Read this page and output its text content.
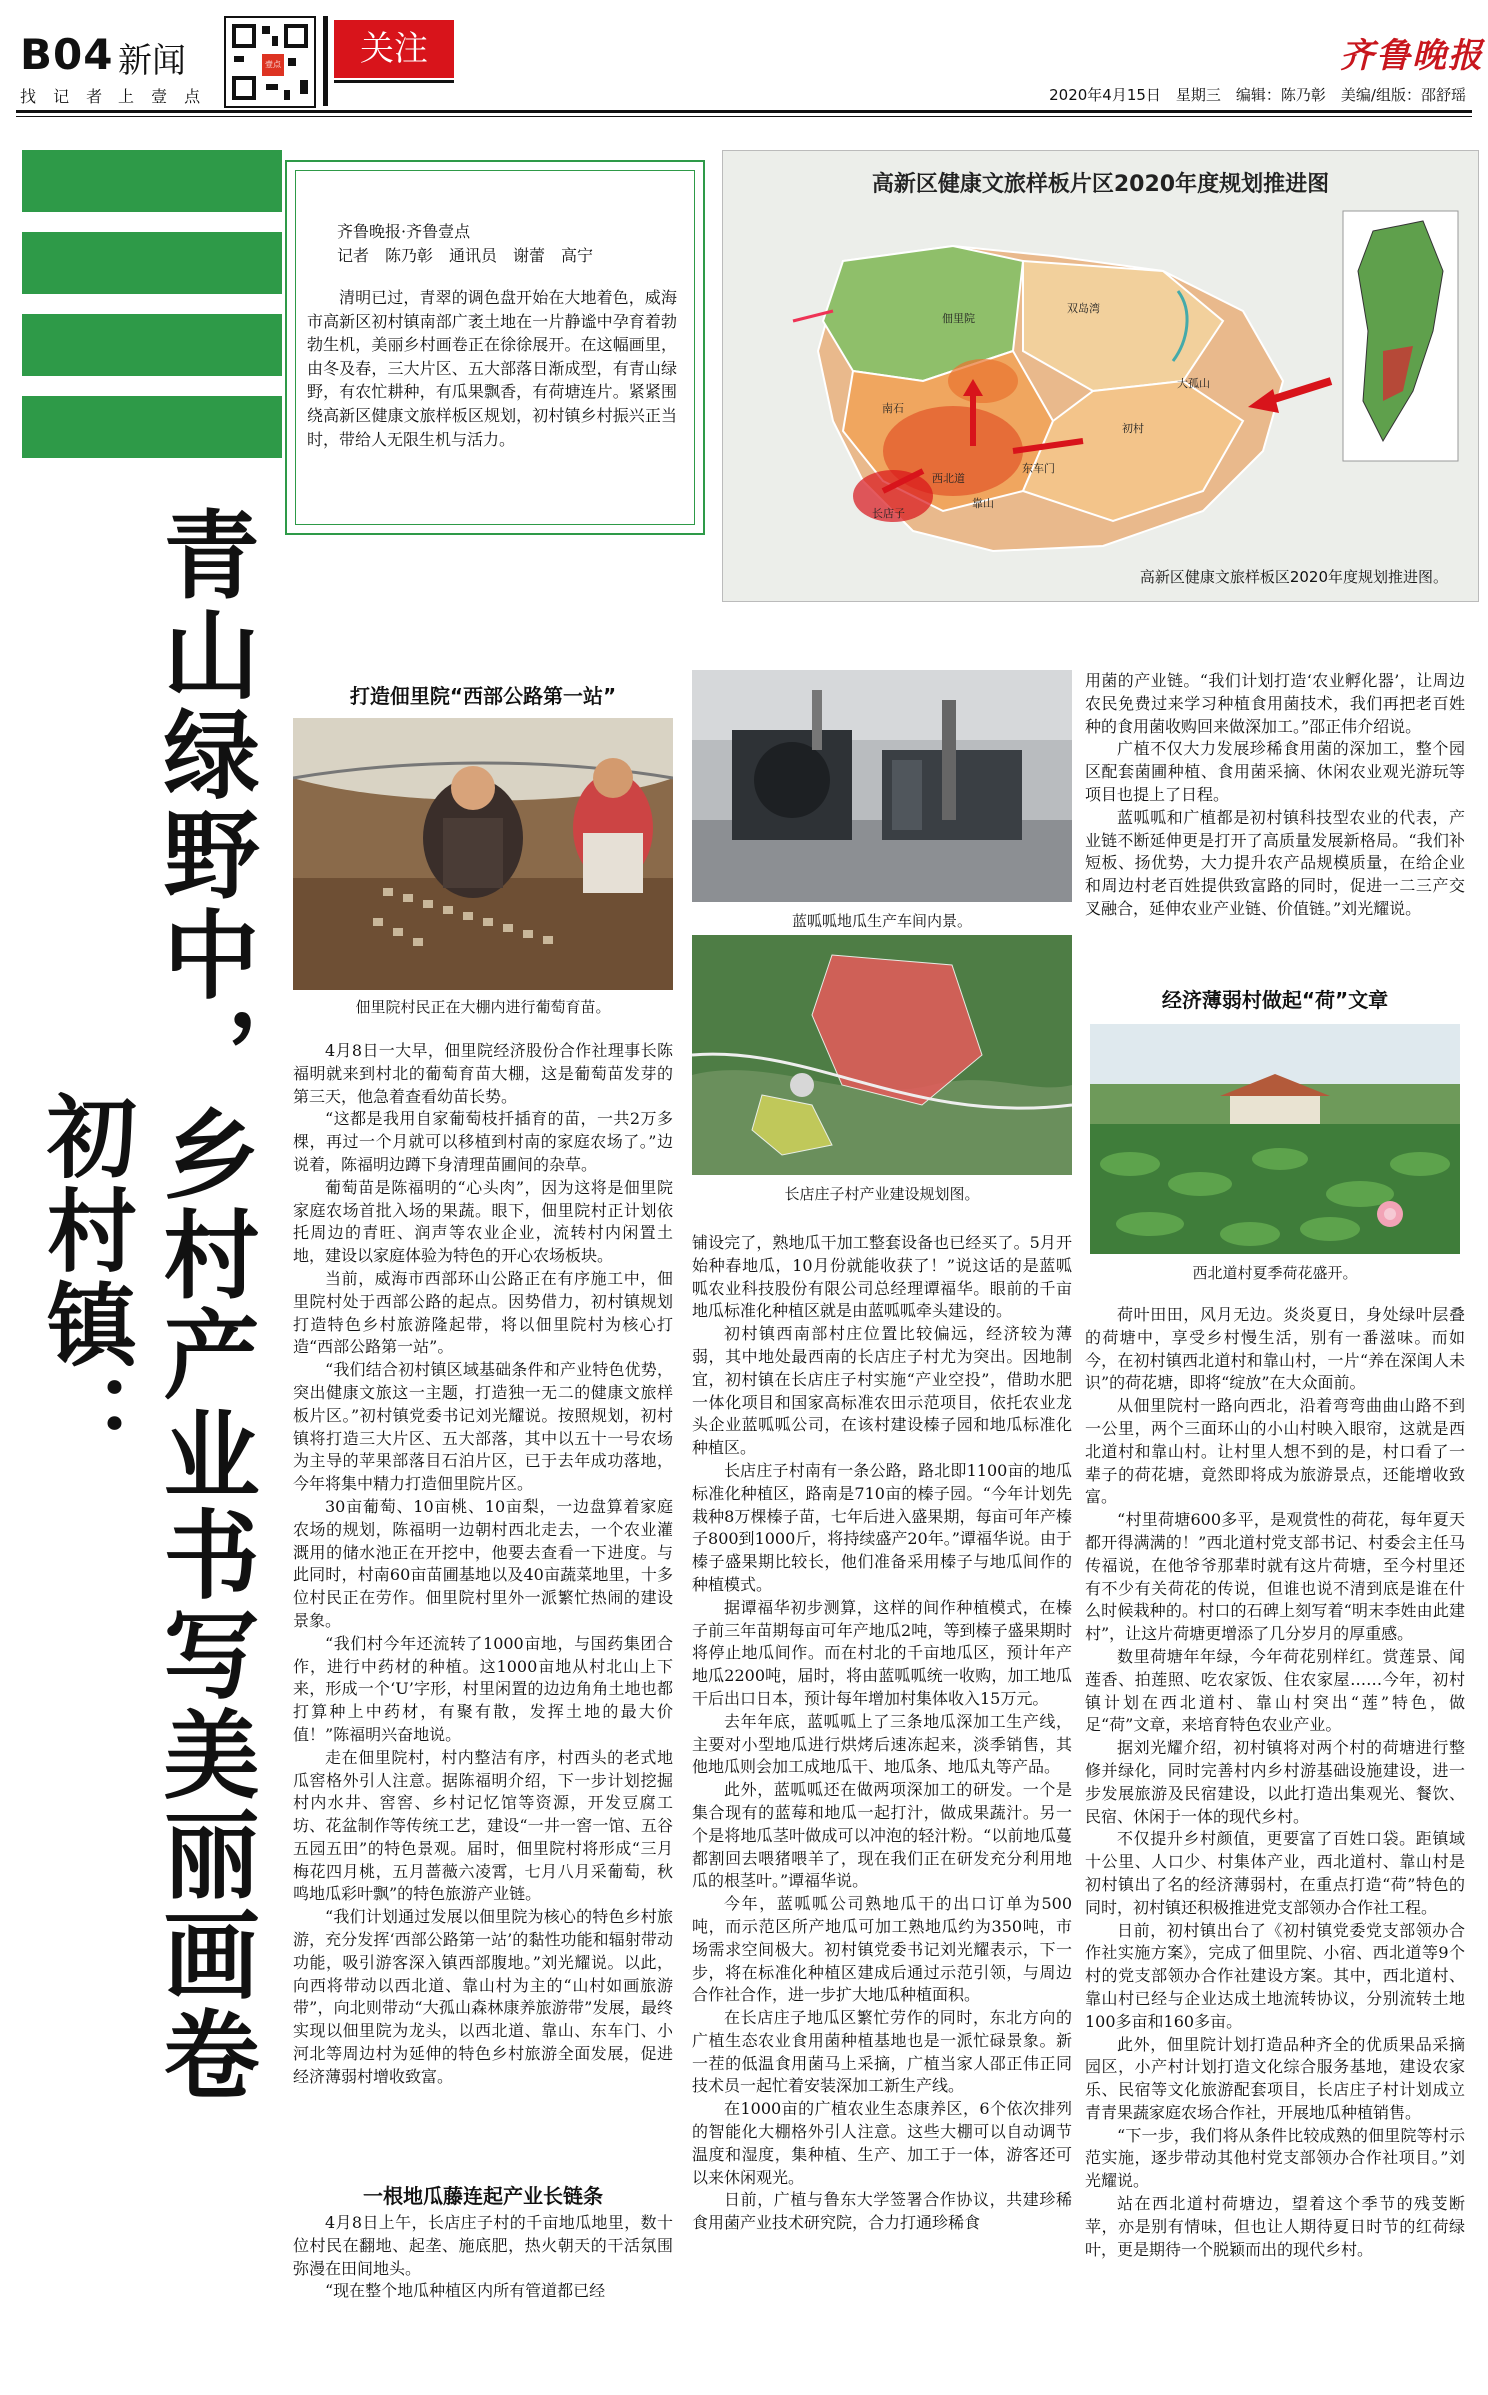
B04
找 记 者
新闻
上 壹 点
壹点	关注	齐鲁晚报
2020年4月15日　星期三　编辑：陈乃彰　美编/组版：邵舒瑶
青山绿野中，乡村产业书写美丽画卷
初村镇：
齐鲁晚报·齐鲁壹点
记者　陈乃彰　通讯员　谢蕾　高宁
清明已过，青翠的调色盘开始在大地着色，威海市高新区初村镇南部广袤土地在一片静谧中孕育着勃勃生机，美丽乡村画卷正在徐徐展开。在这幅画里，由冬及春，三大片区、五大部落日渐成型，有青山绿野，有农忙耕种，有瓜果飘香，有荷塘连片。紧紧围绕高新区健康文旅样板区规划，初村镇乡村振兴正当时，带给人无限生机与活力。
高新区健康文旅样板片区2020年度规划推进图
高新区健康文旅样板区2020年度规划推进图。
佃里院
南石
双岛湾
初村
长店子
西北道
靠山
东车门
大孤山
打造佃里院“西部公路第一站”
佃里院村民正在大棚内进行葡萄育苗。

4月8日一大早，佃里院经济股份合作社理事长陈福明就来到村北的葡萄育苗大棚，这是葡萄苗发芽的第三天，他急着查看幼苗长势。

“这都是我用自家葡萄枝扦插育的苗，一共2万多棵，再过一个月就可以移植到村南的家庭农场了。”边说着，陈福明边蹲下身清理苗圃间的杂草。

葡萄苗是陈福明的“心头肉”，因为这将是佃里院家庭农场首批入场的果蔬。眼下，佃里院村正计划依托周边的青旺、润声等农业企业，流转村内闲置土地，建设以家庭体验为特色的开心农场板块。

当前，威海市西部环山公路正在有序施工中，佃里院村处于西部公路的起点。因势借力，初村镇规划打造特色乡村旅游隆起带，将以佃里院村为核心打造“西部公路第一站”。

“我们结合初村镇区域基础条件和产业特色优势，突出健康文旅这一主题，打造独一无二的健康文旅样板片区。”初村镇党委书记刘光耀说。按照规划，初村镇将打造三大片区、五大部落，其中以五十一号农场为主导的苹果部落目石泊片区，已于去年成功落地，今年将集中精力打造佃里院片区。

30亩葡萄、10亩桃、10亩梨，一边盘算着家庭农场的规划，陈福明一边朝村西北走去，一个农业灌溉用的储水池正在开挖中，他要去查看一下进度。与此同时，村南60亩苗圃基地以及40亩蔬菜地里，十多位村民正在劳作。佃里院村里外一派繁忙热闹的建设景象。

“我们村今年还流转了1000亩地，与国药集团合作，进行中药材的种植。这1000亩地从村北山上下来，形成一个‘U’字形，村里闲置的边边角角土地也都打算种上中药材，有聚有散，发挥土地的最大价值！”陈福明兴奋地说。

走在佃里院村，村内整洁有序，村西头的老式地瓜窖格外引人注意。据陈福明介绍，下一步计划挖掘村内水井、窖窖、乡村记忆馆等资源，开发豆腐工坊、花盆制作等传统工艺，建设“一井一窖一馆、五谷五园五田”的特色景观。届时，佃里院村将形成“三月梅花四月桃，五月蔷薇六凌霄，七月八月采葡萄，秋鸣地瓜彩叶飘”的特色旅游产业链。

“我们计划通过发展以佃里院为核心的特色乡村旅游，充分发挥‘西部公路第一站’的黏性功能和辐射带动功能，吸引游客深入镇西部腹地。”刘光耀说。以此，向西将带动以西北道、靠山村为主的“山村如画旅游带”，向北则带动“大孤山森林康养旅游带”发展，最终实现以佃里院为龙头，以西北道、靠山、东车门、小河北等周边村为延伸的特色乡村旅游全面发展，促进经济薄弱村增收致富。

一根地瓜藤连起产业长链条

4月8日上午，长店庄子村的千亩地瓜地里，数十位村民在翻地、起垄、施底肥，热火朝天的干活氛围弥漫在田间地头。

“现在整个地瓜种植区内所有管道都已经

蓝呱呱地瓜生产车间内景。
长店庄子村产业建设规划图。

铺设完了，熟地瓜干加工整套设备也已经买了。5月开始种春地瓜，10月份就能收获了！”说这话的是蓝呱呱农业科技股份有限公司总经理谭福华。眼前的千亩地瓜标准化种植区就是由蓝呱呱牵头建设的。

初村镇西南部村庄位置比较偏远，经济较为薄弱，其中地处最西南的长店庄子村尤为突出。因地制宜，初村镇在长店庄子村实施“产业空投”，借助水肥一体化项目和国家高标准农田示范项目，依托农业龙头企业蓝呱呱公司，在该村建设榛子园和地瓜标准化种植区。

长店庄子村南有一条公路，路北即1100亩的地瓜标准化种植区，路南是710亩的榛子园。“今年计划先栽种8万棵榛子苗，七年后进入盛果期，每亩可年产榛子800到1000斤，将持续盛产20年。”谭福华说。由于榛子盛果期比较长，他们准备采用榛子与地瓜间作的种植模式。

据谭福华初步测算，这样的间作种植模式，在榛子前三年苗期每亩可年产地瓜2吨，等到榛子盛果期时将停止地瓜间作。而在村北的千亩地瓜区，预计年产地瓜2200吨，届时，将由蓝呱呱统一收购，加工地瓜干后出口日本，预计每年增加村集体收入15万元。

去年年底，蓝呱呱上了三条地瓜深加工生产线，主要对小型地瓜进行烘烤后速冻起来，淡季销售，其他地瓜则会加工成地瓜干、地瓜条、地瓜丸等产品。

此外，蓝呱呱还在做两项深加工的研发。一个是集合现有的蓝莓和地瓜一起打汁，做成果蔬汁。另一个是将地瓜茎叶做成可以冲泡的轻汁粉。“以前地瓜蔓都割回去喂猪喂羊了，现在我们正在研发充分利用地瓜的根茎叶。”谭福华说。

今年，蓝呱呱公司熟地瓜干的出口订单为500吨，而示范区所产地瓜可加工熟地瓜约为350吨，市场需求空间极大。初村镇党委书记刘光耀表示，下一步，将在标准化种植区建成后通过示范引领，与周边合作社合作，进一步扩大地瓜种植面积。

在长店庄子地瓜区繁忙劳作的同时，东北方向的广植生态农业食用菌种植基地也是一派忙碌景象。新一茬的低温食用菌马上采摘，广植当家人邵正伟正同技术员一起忙着安装深加工新生产线。

在1000亩的广植农业生态康养区，6个依次排列的智能化大棚格外引人注意。这些大棚可以自动调节温度和湿度，集种植、生产、加工于一体，游客还可以来休闲观光。

日前，广植与鲁东大学签署合作协议，共建珍稀食用菌产业技术研究院，合力打通珍稀食

用菌的产业链。“我们计划打造‘农业孵化器’，让周边农民免费过来学习种植食用菌技术，我们再把老百姓种的食用菌收购回来做深加工。”邵正伟介绍说。

广植不仅大力发展珍稀食用菌的深加工，整个园区配套菌圃种植、食用菌采摘、休闲农业观光游玩等项目也提上了日程。

蓝呱呱和广植都是初村镇科技型农业的代表，产业链不断延伸更是打开了高质量发展新格局。“我们补短板、扬优势，大力提升农产品规模质量，在给企业和周边村老百姓提供致富路的同时，促进一二三产交叉融合，延伸农业产业链、价值链。”刘光耀说。

经济薄弱村做起“荷”文章
西北道村夏季荷花盛开。

荷叶田田，风月无边。炎炎夏日，身处绿叶层叠的荷塘中，享受乡村慢生活，别有一番滋味。而如今，在初村镇西北道村和靠山村，一片“养在深闺人未识”的荷花塘，即将“绽放”在大众面前。

从佃里院村一路向西北，沿着弯弯曲曲山路不到一公里，两个三面环山的小山村映入眼帘，这就是西北道村和靠山村。让村里人想不到的是，村口看了一辈子的荷花塘，竟然即将成为旅游景点，还能增收致富。

“村里荷塘600多平，是观赏性的荷花，每年夏天都开得满满的！”西北道村党支部书记、村委会主任马传福说，在他爷爷那辈时就有这片荷塘，至今村里还有不少有关荷花的传说，但谁也说不清到底是谁在什么时候栽种的。村口的石碑上刻写着“明末李姓由此建村”，让这片荷塘更增添了几分岁月的厚重感。

数里荷塘年年绿，今年荷花别样红。赏莲景、闻莲香、拍莲照、吃农家饭、住农家屋……今年，初村镇计划在西北道村、靠山村突出“莲”特色，做足“荷”文章，来培育特色农业产业。

据刘光耀介绍，初村镇将对两个村的荷塘进行整修并绿化，同时完善村内乡村游基础设施建设，进一步发展旅游及民宿建设，以此打造出集观光、餐饮、民宿、休闲于一体的现代乡村。

不仅提升乡村颜值，更要富了百姓口袋。距镇域十公里、人口少、村集体产业，西北道村、靠山村是初村镇出了名的经济薄弱村，在重点打造“荷”特色的同时，初村镇还积极推进党支部领办合作社工程。

日前，初村镇出台了《初村镇党委党支部领办合作社实施方案》，完成了佃里院、小宿、西北道等9个村的党支部领办合作社建设方案。其中，西北道村、靠山村已经与企业达成土地流转协议，分别流转土地100多亩和160多亩。

此外，佃里院计划打造品种齐全的优质果品采摘园区，小产村计划打造文化综合服务基地，建设农家乐、民宿等文化旅游配套项目，长店庄子村计划成立青青果蔬家庭农场合作社，开展地瓜种植销售。

“下一步，我们将从条件比较成熟的佃里院等村示范实施，逐步带动其他村党支部领办合作社项目。”刘光耀说。

站在西北道村荷塘边，望着这个季节的残芰断苹，亦是别有情味，但也让人期待夏日时节的红荷绿叶，更是期待一个脱颖而出的现代乡村。
